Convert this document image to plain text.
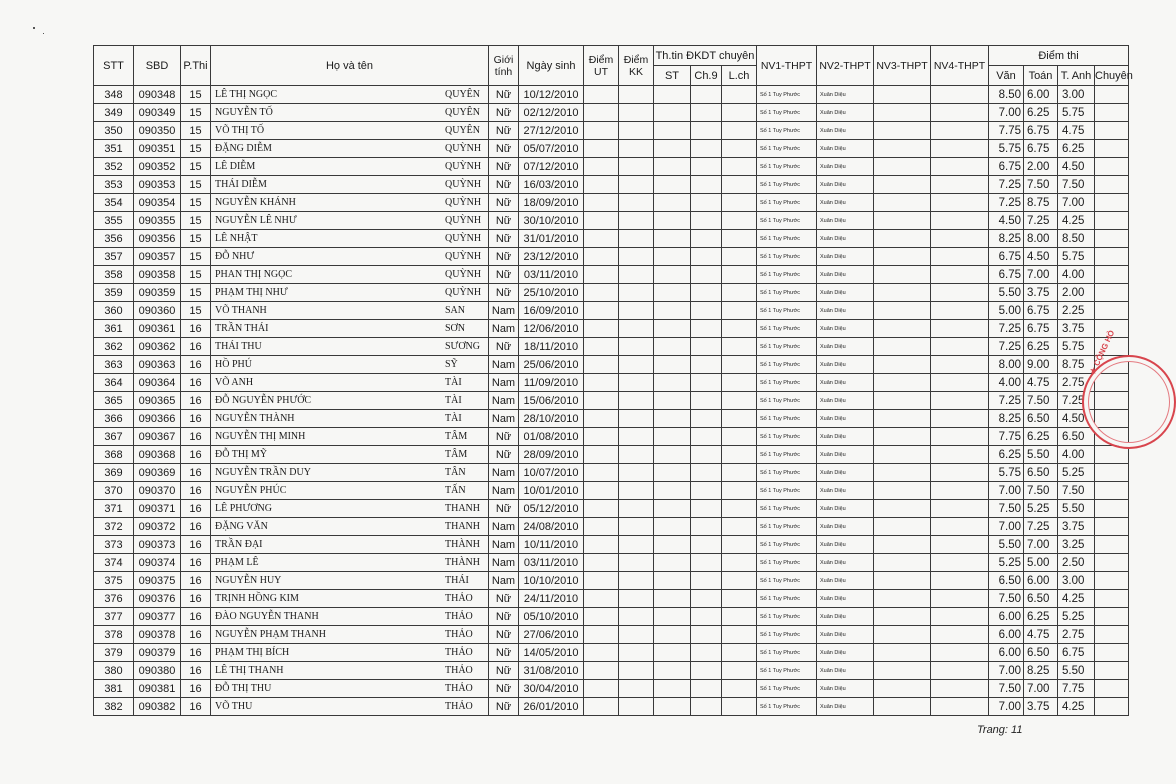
STT	SBD	P.Thi	Họ và tên	Giới tính	Ngày sinh	Điểm UT	Điểm KK	Th.tin ĐKDT chuyên			NV1-THPT	NV2-THPT	NV3-THPT	NV4-THPT	Điểm thi			
								ST	Ch.9	L.ch					Văn	Toán	T. Anh	Chuyên
348	090348	15	LÊ THỊ NGỌC QUYÊN	Nữ	10/12/2010						Số 1 Tuy Phước	Xuân Diệu			8.50	6.00	3.00	
349	090349	15	NGUYỄN TỐ QUYÊN	Nữ	02/12/2010						Số 1 Tuy Phước	Xuân Diệu			7.00	6.25	5.75	
350	090350	15	VÕ THỊ TỐ QUYÊN	Nữ	27/12/2010						Số 1 Tuy Phước	Xuân Diệu			7.75	6.75	4.75	
351	090351	15	ĐẶNG DIỄM QUỲNH	Nữ	05/07/2010						Số 1 Tuy Phước	Xuân Diệu			5.75	6.75	6.25	
352	090352	15	LÊ DIỄM QUỲNH	Nữ	07/12/2010						Số 1 Tuy Phước	Xuân Diệu			6.75	2.00	4.50	
353	090353	15	THÁI DIỄM QUỲNH	Nữ	16/03/2010						Số 1 Tuy Phước	Xuân Diệu			7.25	7.50	7.50	
354	090354	15	NGUYỄN KHÁNH QUỲNH	Nữ	18/09/2010						Số 1 Tuy Phước	Xuân Diệu			7.25	8.75	7.00	
355	090355	15	NGUYỄN LÊ NHƯ QUỲNH	Nữ	30/10/2010						Số 1 Tuy Phước	Xuân Diệu			4.50	7.25	4.25	
356	090356	15	LÊ NHẬT QUỲNH	Nữ	31/01/2010						Số 1 Tuy Phước	Xuân Diệu			8.25	8.00	8.50	
357	090357	15	ĐỖ NHƯ QUỲNH	Nữ	23/12/2010						Số 1 Tuy Phước	Xuân Diệu			6.75	4.50	5.75	
358	090358	15	PHAN THỊ NGỌC QUỲNH	Nữ	03/11/2010						Số 1 Tuy Phước	Xuân Diệu			6.75	7.00	4.00	
359	090359	15	PHẠM THỊ NHƯ QUỲNH	Nữ	25/10/2010						Số 1 Tuy Phước	Xuân Diệu			5.50	3.75	2.00	
360	090360	15	VÕ THANH SAN	Nam	16/09/2010						Số 1 Tuy Phước	Xuân Diệu			5.00	6.75	2.25	
361	090361	16	TRẦN THÁI SƠN	Nam	12/06/2010						Số 1 Tuy Phước	Xuân Diệu			7.25	6.75	3.75	
362	090362	16	THÁI THU SƯƠNG	Nữ	18/11/2010						Số 1 Tuy Phước	Xuân Diệu			7.25	6.25	5.75	
363	090363	16	HỒ PHÚ SỸ	Nam	25/06/2010						Số 1 Tuy Phước	Xuân Diệu			8.00	9.00	8.75	
364	090364	16	VÕ ANH TÀI	Nam	11/09/2010						Số 1 Tuy Phước	Xuân Diệu			4.00	4.75	2.75	
365	090365	16	ĐỖ NGUYỄN PHƯỚC TÀI	Nam	15/06/2010						Số 1 Tuy Phước	Xuân Diệu			7.25	7.50	7.25	
366	090366	16	NGUYỄN THÀNH TÀI	Nam	28/10/2010						Số 1 Tuy Phước	Xuân Diệu			8.25	6.50	4.50	
367	090367	16	NGUYỄN THỊ MINH TÂM	Nữ	01/08/2010						Số 1 Tuy Phước	Xuân Diệu			7.75	6.25	6.50	
368	090368	16	ĐỖ THỊ MỸ TÂM	Nữ	28/09/2010						Số 1 Tuy Phước	Xuân Diệu			6.25	5.50	4.00	
369	090369	16	NGUYỄN TRẦN DUY TÂN	Nam	10/07/2010						Số 1 Tuy Phước	Xuân Diệu			5.75	6.50	5.25	
370	090370	16	NGUYỄN PHÚC TẤN	Nam	10/01/2010						Số 1 Tuy Phước	Xuân Diệu			7.00	7.50	7.50	
371	090371	16	LÊ PHƯƠNG THANH	Nữ	05/12/2010						Số 1 Tuy Phước	Xuân Diệu			7.50	5.25	5.50	
372	090372	16	ĐẶNG VĂN THANH	Nam	24/08/2010						Số 1 Tuy Phước	Xuân Diệu			7.00	7.25	3.75	
373	090373	16	TRẦN ĐẠI THÀNH	Nam	10/11/2010						Số 1 Tuy Phước	Xuân Diệu			5.50	7.00	3.25	
374	090374	16	PHẠM LÊ THÀNH	Nam	03/11/2010						Số 1 Tuy Phước	Xuân Diệu			5.25	5.00	2.50	
375	090375	16	NGUYỄN HUY THÁI	Nam	10/10/2010						Số 1 Tuy Phước	Xuân Diệu			6.50	6.00	3.00	
376	090376	16	TRỊNH HỒNG KIM THẢO	Nữ	24/11/2010						Số 1 Tuy Phước	Xuân Diệu			7.50	6.50	4.25	
377	090377	16	ĐÀO NGUYỄN THANH THẢO	Nữ	05/10/2010						Số 1 Tuy Phước	Xuân Diệu			6.00	6.25	5.25	
378	090378	16	NGUYỄN PHẠM THANH THẢO	Nữ	27/06/2010						Số 1 Tuy Phước	Xuân Diệu			6.00	4.75	2.75	
379	090379	16	PHẠM THỊ BÍCH THẢO	Nữ	14/05/2010						Số 1 Tuy Phước	Xuân Diệu			6.00	6.50	6.75	
380	090380	16	LÊ THỊ THANH THẢO	Nữ	31/08/2010						Số 1 Tuy Phước	Xuân Diệu			7.00	8.25	5.50	
381	090381	16	ĐỖ THỊ THU THẢO	Nữ	30/04/2010						Số 1 Tuy Phước	Xuân Diệu			7.50	7.00	7.75	
382	090382	16	VÕ THU THẢO	Nữ	26/01/2010						Số 1 Tuy Phước	Xuân Diệu			7.00	3.75	4.25	
★ CỘNG HÒ
Trang: 11
